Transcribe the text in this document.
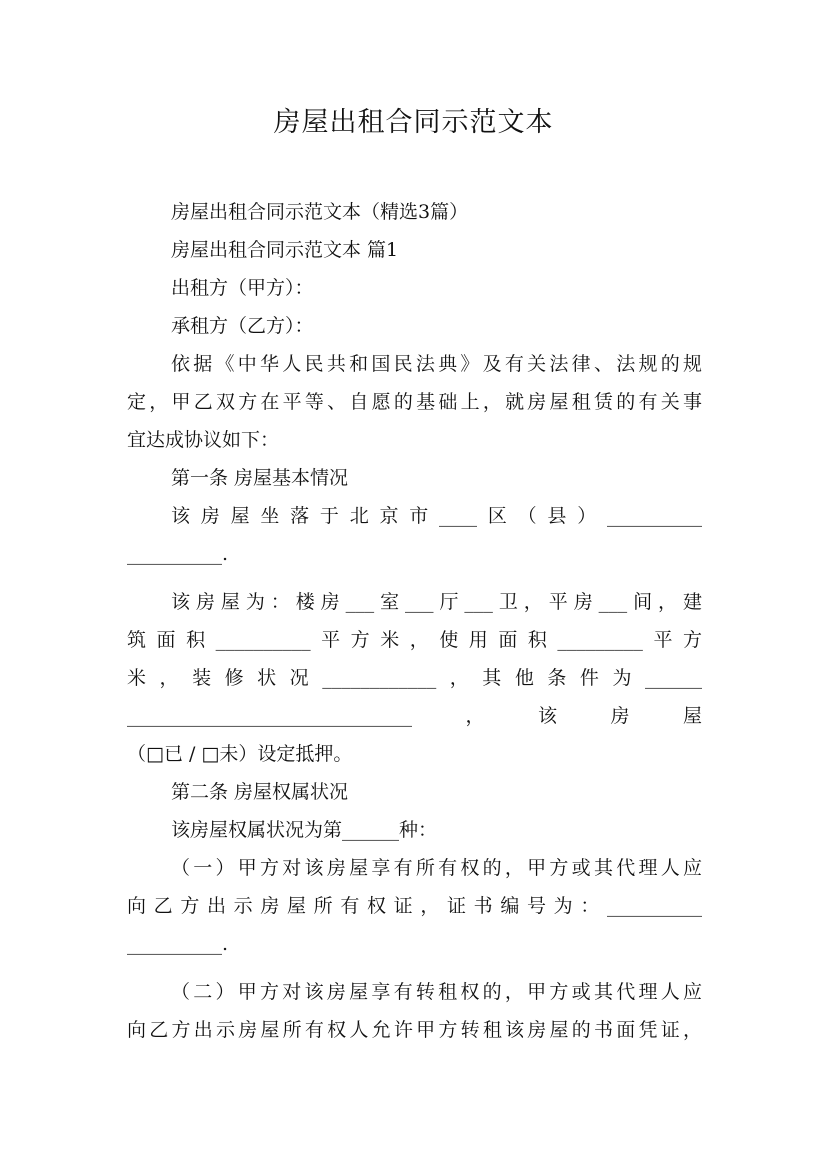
房屋出租合同示范文本
房屋出租合同示范文本（精选3篇）
房屋出租合同示范文本 篇1
出租方（甲方）：
承租方（乙方）：
依据《中华人民共和国民法典》及有关法律、法规的规
定，甲乙双方在平等、自愿的基础上，就房屋租赁的有关事
宜达成协议如下：
第一条 房屋基本情况
该房屋坐落于北京市____区（县）__________
__________.
该房屋为：楼房___室___厅___卫，平房___间，建
筑面积__________平方米，使用面积_________平方
米，装修状况____________，其他条件为______
______________________________，该房屋
（□已 / □未）设定抵押。
第二条 房屋权属状况
该房屋权属状况为第______种：
（一）甲方对该房屋享有所有权的，甲方或其代理人应
向乙方出示房屋所有权证，证书编号为：__________
__________.
（二）甲方对该房屋享有转租权的，甲方或其代理人应
向乙方出示房屋所有权人允许甲方转租该房屋的书面凭证，
